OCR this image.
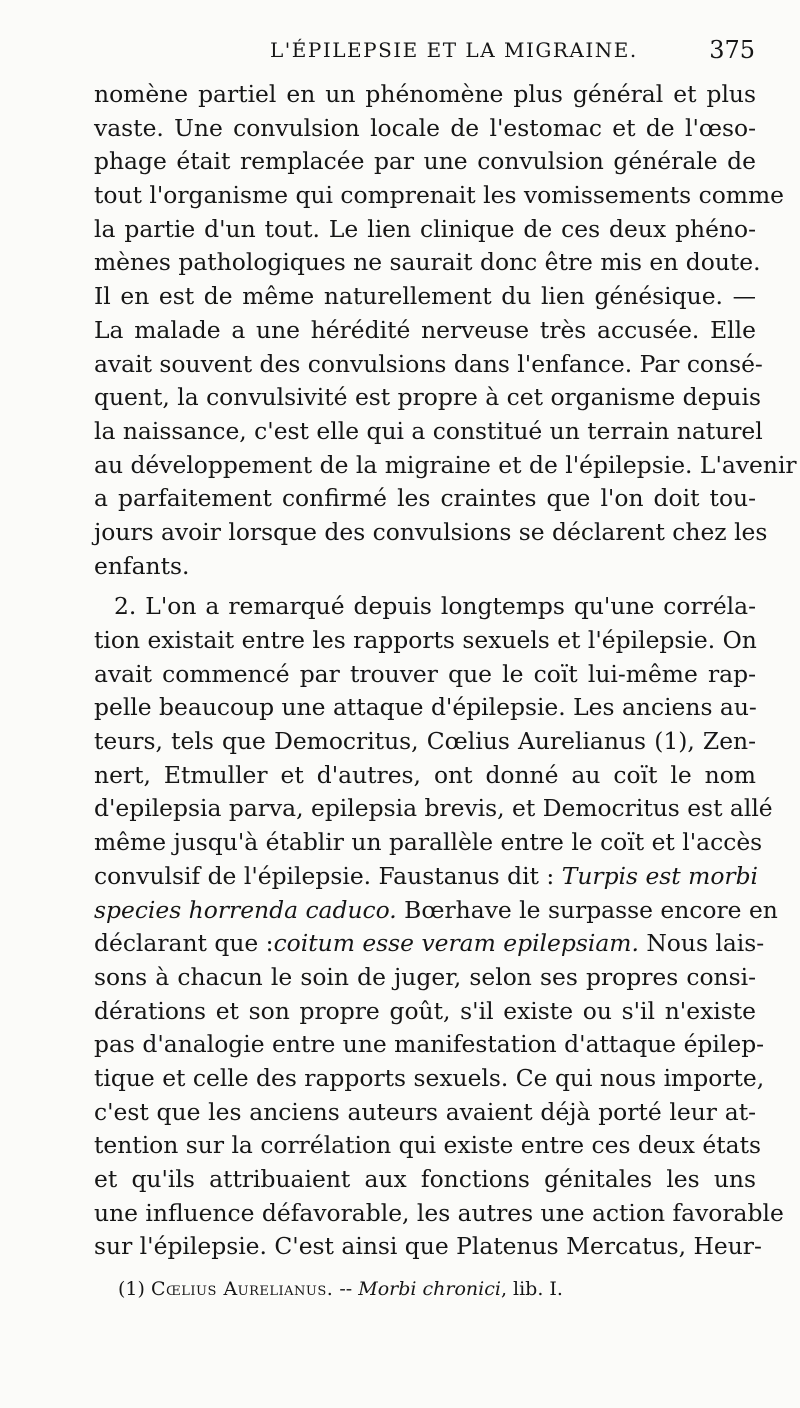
L'ÉPILEPSIE ET LA MIGRAINE.	375
nomène partiel en un phénomène plus général et plus
vaste. Une convulsion locale de l'estomac et de l'œso-
phage était remplacée par une convulsion générale de
tout l'organisme qui comprenait les vomissements comme
la partie d'un tout. Le lien clinique de ces deux phéno-
mènes pathologiques ne saurait donc être mis en doute.
Il en est de même naturellement du lien génésique. —
La malade a une hérédité nerveuse très accusée. Elle
avait souvent des convulsions dans l'enfance. Par consé-
quent, la convulsivité est propre à cet organisme depuis
la naissance, c'est elle qui a constitué un terrain naturel
au développement de la migraine et de l'épilepsie. L'avenir
a parfaitement confirmé les craintes que l'on doit tou-
jours avoir lorsque des convulsions se déclarent chez les
enfants.
2. L'on a remarqué depuis longtemps qu'une corréla-
tion existait entre les rapports sexuels et l'épilepsie. On
avait commencé par trouver que le coït lui-même rap-
pelle beaucoup une attaque d'épilepsie. Les anciens au-
teurs, tels que Democritus, Cœlius Aurelianus (1), Zen-
nert, Etmuller et d'autres, ont donné au coït le nom
d'epilepsia parva, epilepsia brevis, et Democritus est allé
même jusqu'à établir un parallèle entre le coït et l'accès
convulsif de l'épilepsie. Faustanus dit : Turpis est morbi
species horrenda caduco. Bœrhave le surpasse encore en
déclarant que :coitum esse veram epilepsiam. Nous lais-
sons à chacun le soin de juger, selon ses propres consi-
dérations et son propre goût, s'il existe ou s'il n'existe
pas d'analogie entre une manifestation d'attaque épilep-
tique et celle des rapports sexuels. Ce qui nous importe,
c'est que les anciens auteurs avaient déjà porté leur at-
tention sur la corrélation qui existe entre ces deux états
et qu'ils attribuaient aux fonctions génitales les uns
une influence défavorable, les autres une action favorable
sur l'épilepsie. C'est ainsi que Platenus Mercatus, Heur-
(1) Cœlius Aurelianus. -- Morbi chronici, lib. I.
